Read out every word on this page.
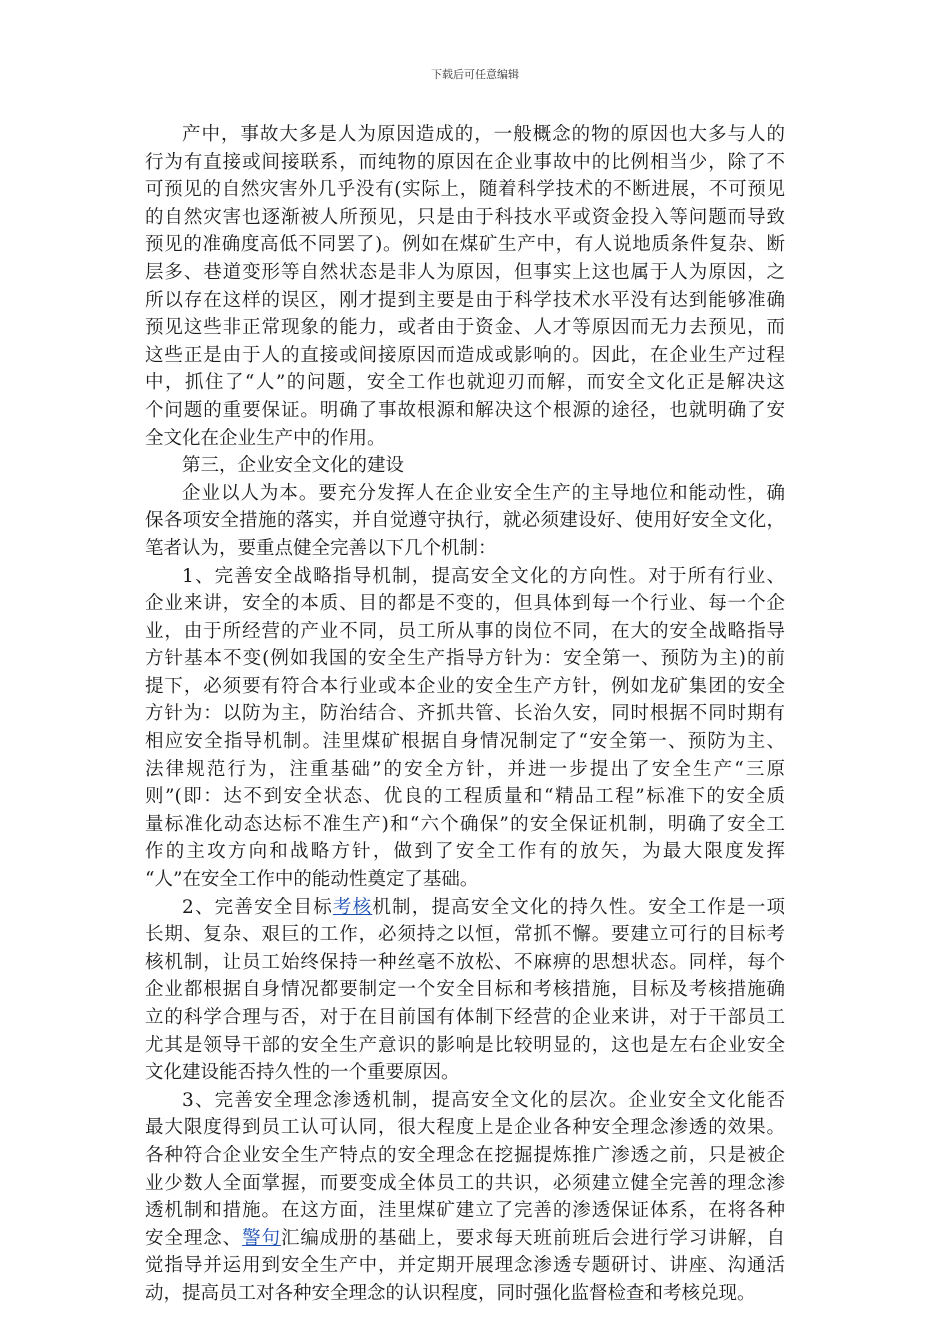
下载后可任意编辑
产中，事故大多是人为原因造成的，一般概念的物的原因也大多与人的
行为有直接或间接联系，而纯物的原因在企业事故中的比例相当少，除了不
可预见的自然灾害外几乎没有(实际上，随着科学技术的不断进展，不可预见
的自然灾害也逐渐被人所预见，只是由于科技水平或资金投入等问题而导致
预见的准确度高低不同罢了)。例如在煤矿生产中，有人说地质条件复杂、断
层多、巷道变形等自然状态是非人为原因，但事实上这也属于人为原因，之
所以存在这样的误区，刚才提到主要是由于科学技术水平没有达到能够准确
预见这些非正常现象的能力，或者由于资金、人才等原因而无力去预见，而
这些正是由于人的直接或间接原因而造成或影响的。因此，在企业生产过程
中，抓住了“人”的问题，安全工作也就迎刃而解，而安全文化正是解决这
个问题的重要保证。明确了事故根源和解决这个根源的途径，也就明确了安
全文化在企业生产中的作用。
第三，企业安全文化的建设
企业以人为本。要充分发挥人在企业安全生产的主导地位和能动性，确
保各项安全措施的落实，并自觉遵守执行，就必须建设好、使用好安全文化，
笔者认为，要重点健全完善以下几个机制：
1、完善安全战略指导机制，提高安全文化的方向性。对于所有行业、
企业来讲，安全的本质、目的都是不变的，但具体到每一个行业、每一个企
业，由于所经营的产业不同，员工所从事的岗位不同，在大的安全战略指导
方针基本不变(例如我国的安全生产指导方针为：安全第一、预防为主)的前
提下，必须要有符合本行业或本企业的安全生产方针，例如龙矿集团的安全
方针为：以防为主，防治结合、齐抓共管、长治久安，同时根据不同时期有
相应安全指导机制。洼里煤矿根据自身情况制定了“安全第一、预防为主、
法律规范行为，注重基础”的安全方针，并进一步提出了安全生产“三原
则”(即：达不到安全状态、优良的工程质量和“精品工程”标准下的安全质
量标准化动态达标不准生产)和“六个确保”的安全保证机制，明确了安全工
作的主攻方向和战略方针，做到了安全工作有的放矢，为最大限度发挥
“人”在安全工作中的能动性奠定了基础。
2、完善安全目标考核机制，提高安全文化的持久性。安全工作是一项
长期、复杂、艰巨的工作，必须持之以恒，常抓不懈。要建立可行的目标考
核机制，让员工始终保持一种丝毫不放松、不麻痹的思想状态。同样，每个
企业都根据自身情况都要制定一个安全目标和考核措施，目标及考核措施确
立的科学合理与否，对于在目前国有体制下经营的企业来讲，对于干部员工
尤其是领导干部的安全生产意识的影响是比较明显的，这也是左右企业安全
文化建设能否持久性的一个重要原因。
3、完善安全理念渗透机制，提高安全文化的层次。企业安全文化能否
最大限度得到员工认可认同，很大程度上是企业各种安全理念渗透的效果。
各种符合企业安全生产特点的安全理念在挖掘提炼推广渗透之前，只是被企
业少数人全面掌握，而要变成全体员工的共识，必须建立健全完善的理念渗
透机制和措施。在这方面，洼里煤矿建立了完善的渗透保证体系，在将各种
安全理念、警句汇编成册的基础上，要求每天班前班后会进行学习讲解，自
觉指导并运用到安全生产中，并定期开展理念渗透专题研讨、讲座、沟通活
动，提高员工对各种安全理念的认识程度，同时强化监督检查和考核兑现。
